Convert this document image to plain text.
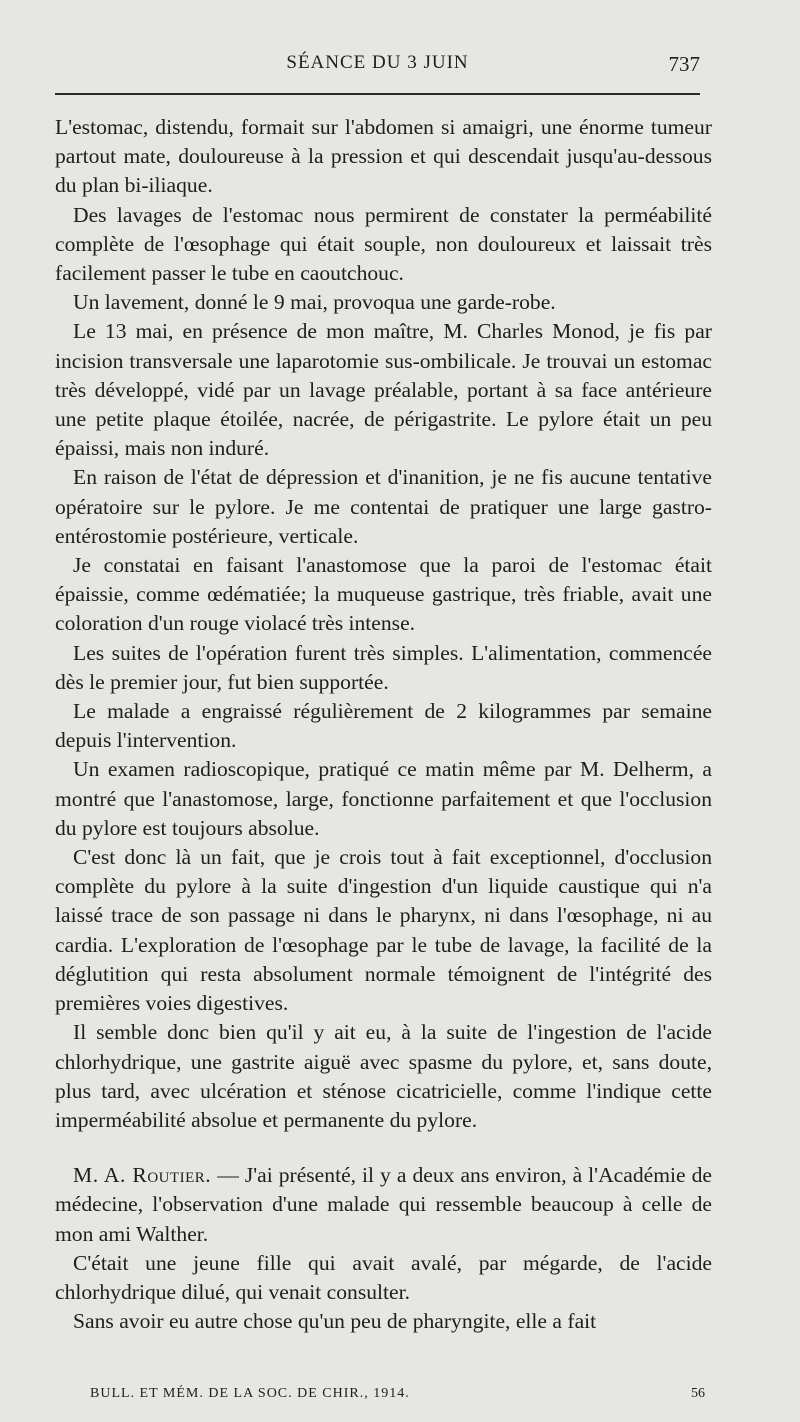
SÉANCE DU 3 JUIN	737

L'estomac, distendu, formait sur l'abdomen si amaigri, une énorme tumeur partout mate, douloureuse à la pression et qui descendait jusqu'au-dessous du plan bi-iliaque.

Des lavages de l'estomac nous permirent de constater la perméabilité complète de l'œsophage qui était souple, non douloureux et laissait très facilement passer le tube en caoutchouc.

Un lavement, donné le 9 mai, provoqua une garde-robe.

Le 13 mai, en présence de mon maître, M. Charles Monod, je fis par incision transversale une laparotomie sus-ombilicale. Je trouvai un estomac très développé, vidé par un lavage préalable, portant à sa face antérieure une petite plaque étoilée, nacrée, de périgastrite. Le pylore était un peu épaissi, mais non induré.

En raison de l'état de dépression et d'inanition, je ne fis aucune tentative opératoire sur le pylore. Je me contentai de pratiquer une large gastro-entérostomie postérieure, verticale.

Je constatai en faisant l'anastomose que la paroi de l'estomac était épaissie, comme œdématiée; la muqueuse gastrique, très friable, avait une coloration d'un rouge violacé très intense.

Les suites de l'opération furent très simples. L'alimentation, commencée dès le premier jour, fut bien supportée.

Le malade a engraissé régulièrement de 2 kilogrammes par semaine depuis l'intervention.

Un examen radioscopique, pratiqué ce matin même par M. Delherm, a montré que l'anastomose, large, fonctionne parfaitement et que l'occlusion du pylore est toujours absolue.

C'est donc là un fait, que je crois tout à fait exceptionnel, d'occlusion complète du pylore à la suite d'ingestion d'un liquide caustique qui n'a laissé trace de son passage ni dans le pharynx, ni dans l'œsophage, ni au cardia. L'exploration de l'œsophage par le tube de lavage, la facilité de la déglutition qui resta absolument normale témoignent de l'intégrité des premières voies digestives.

Il semble donc bien qu'il y ait eu, à la suite de l'ingestion de l'acide chlorhydrique, une gastrite aiguë avec spasme du pylore, et, sans doute, plus tard, avec ulcération et sténose cicatricielle, comme l'indique cette imperméabilité absolue et permanente du pylore.

M. A. Routier. — J'ai présenté, il y a deux ans environ, à l'Académie de médecine, l'observation d'une malade qui ressemble beaucoup à celle de mon ami Walther.

C'était une jeune fille qui avait avalé, par mégarde, de l'acide chlorhydrique dilué, qui venait consulter.

Sans avoir eu autre chose qu'un peu de pharyngite, elle a fait

BULL. ET MÉM. DE LA SOC. DE CHIR., 1914.	56
